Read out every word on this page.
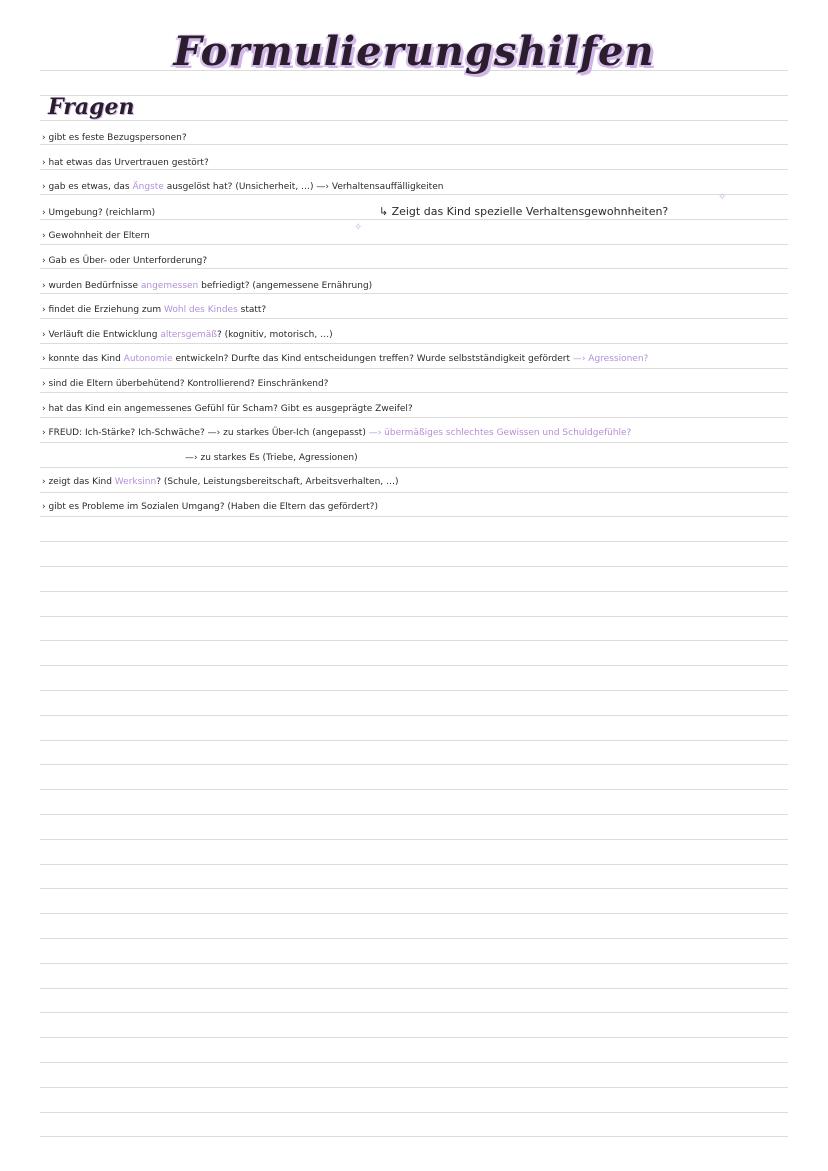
Formulierungshilfen
Fragen
✧
✧
› gibt es feste Bezugspersonen?
› hat etwas das Urvertrauen gestört?
› gab es etwas, das Ängste ausgelöst hat? (Unsicherheit, …) —› Verhaltensauffälligkeiten
› Umgebung? (reichlarm)                                                                ↳ Zeigt das Kind spezielle Verhaltensgewohnheiten?
› Gewohnheit der Eltern
› Gab es Über- oder Unterforderung?
› wurden Bedürfnisse angemessen befriedigt? (angemessene Ernährung)
› findet die Erziehung zum Wohl des Kindes statt?
› Verläuft die Entwicklung altersgemäß? (kognitiv, motorisch, …)
› konnte das Kind Autonomie entwickeln? Durfte das Kind entscheidungen treffen? Wurde selbstständigkeit gefördert —› Agressionen?
› sind die Eltern überbehütend? Kontrollierend? Einschränkend?
› hat das Kind ein angemessenes Gefühl für Scham? Gibt es ausgeprägte Zweifel?
› FREUD: Ich-Stärke? Ich-Schwäche? —› zu starkes Über-Ich (angepasst) —› übermäßiges schlechtes Gewissen und Schuldgefühle?
—› zu starkes Es (Triebe, Agressionen)
› zeigt das Kind Werksinn? (Schule, Leistungsbereitschaft, Arbeitsverhalten, …)
› gibt es Probleme im Sozialen Umgang? (Haben die Eltern das gefördert?)
